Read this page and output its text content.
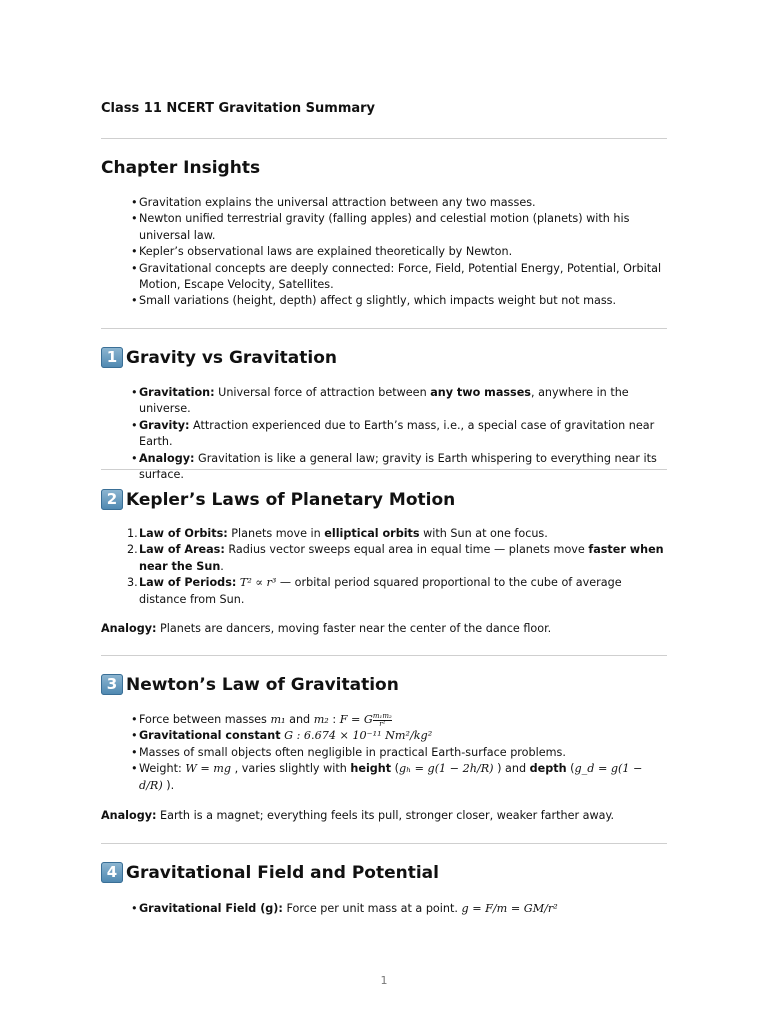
Class 11 NCERT Gravitation Summary

Chapter Insights
• Gravitation explains the universal attraction between any two masses.
• Newton unified terrestrial gravity (falling apples) and celestial motion (planets) with his universal law.
• Kepler’s observational laws are explained theoretically by Newton.
• Gravitational concepts are deeply connected: Force, Field, Potential Energy, Potential, Orbital Motion, Escape Velocity, Satellites.
• Small variations (height, depth) affect g slightly, which impacts weight but not mass.
1 Gravity vs Gravitation
• Gravitation: Universal force of attraction between any two masses, anywhere in the universe.
• Gravity: Attraction experienced due to Earth’s mass, i.e., a special case of gravitation near Earth.
• Analogy: Gravitation is like a general law; gravity is Earth whispering to everything near its surface.
2 Kepler’s Laws of Planetary Motion
1. Law of Orbits: Planets move in elliptical orbits with Sun at one focus.
2. Law of Areas: Radius vector sweeps equal area in equal time — planets move faster when near the Sun.
3. Law of Periods: T² ∝ r³ — orbital period squared proportional to the cube of average distance from Sun.

Analogy: Planets are dancers, moving faster near the center of the dance floor.

3 Newton’s Law of Gravitation
• Force between masses m₁ and m₂ : F = G $\frac{\text{m₁m₂}}{\text{r²}}$
• Gravitational constant G : 6.674 × 10⁻¹¹ Nm²/kg²
• Masses of small objects often negligible in practical Earth-surface problems.
• Weight: W = mg , varies slightly with height (gₕ = g(1 − 2h/R) ) and depth (g_d = g(1 − d/R) ).

Analogy: Earth is a magnet; everything feels its pull, stronger closer, weaker farther away.

4 Gravitational Field and Potential
• Gravitational Field (g): Force per unit mass at a point. g = F/m = GM/r²
1
